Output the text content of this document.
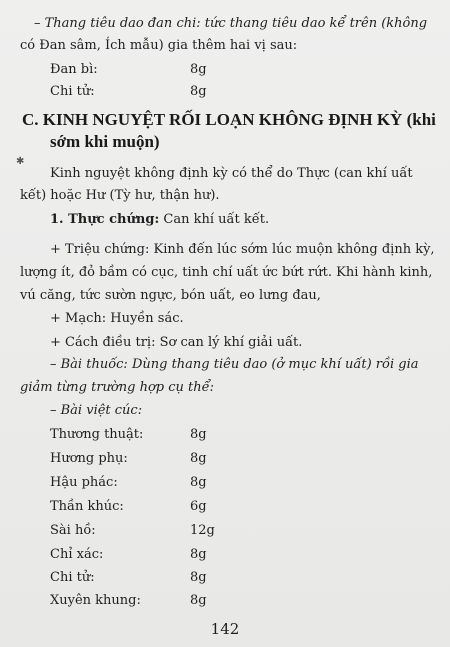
– Thang tiêu dao đan chi: tức thang tiêu dao kể trên (không
có Đan sâm, Ích mẫu) gia thêm hai vị sau:
Đan bì:	8g
Chi tử:	8g
C. KINH NGUYỆT RỐI LOẠN KHÔNG ĐỊNH KỲ (khi
sớm khi muộn)
✱
Kinh nguyệt không định kỳ có thể do Thực (can khí uất
kết) hoặc Hư (Tỳ hư, thận hư).
1. Thực chứng: Can khí uất kết.
+ Triệu chứng: Kinh đến lúc sớm lúc muộn không định kỳ,
lượng ít, đỏ bầm có cục, tinh chí uất ức bứt rứt. Khi hành kinh,
vú căng, tức sườn ngực, bón uất, eo lưng đau,
+ Mạch: Huyền sác.
+ Cách điều trị: Sơ can lý khí giải uất.
– Bài thuốc: Dùng thang tiêu dao (ở mục khí uất) rồi gia
giảm từng trường hợp cụ thể:
– Bài việt cúc:
Thương thuật:	8g
Hương phụ:	8g
Hậu phác:	8g
Thần khúc:	6g
Sài hồ:	12g
Chỉ xác:	8g
Chi tử:	8g
Xuyên khung:	8g
142
